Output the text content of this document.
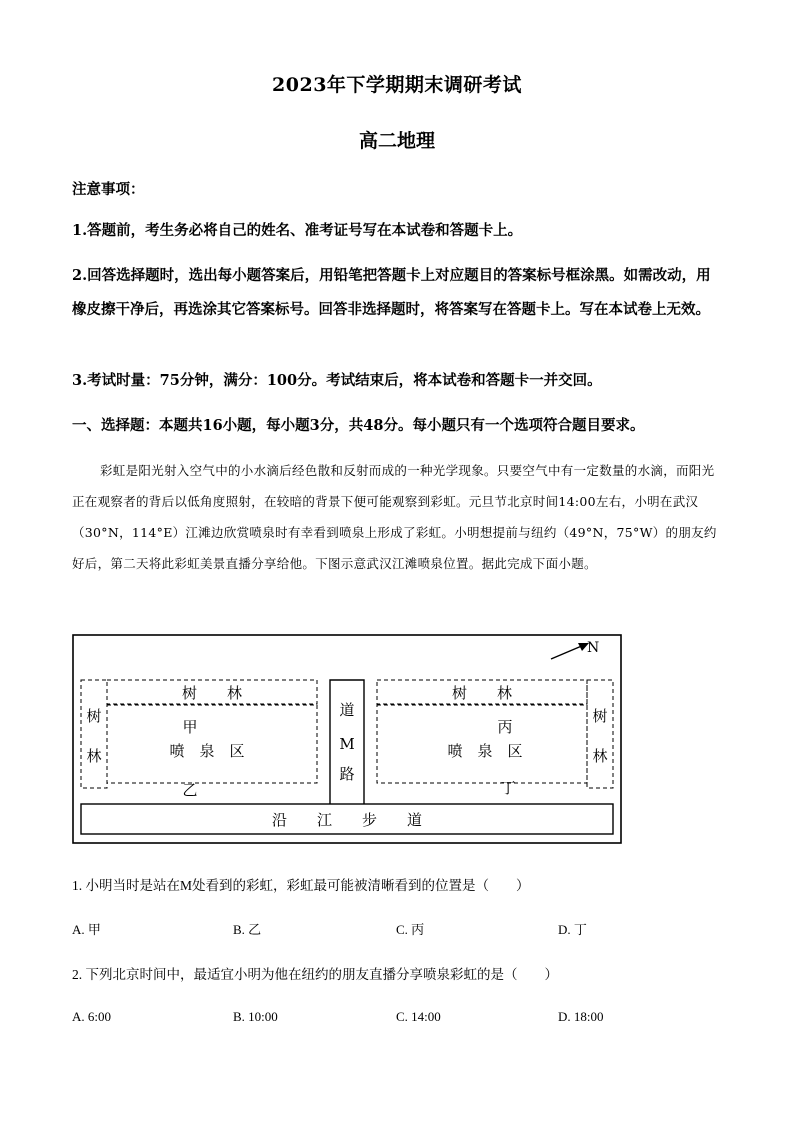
2023年下学期期末调研考试
高二地理
注意事项：
1.答题前，考生务必将自己的姓名、准考证号写在本试卷和答题卡上。
2.回答选择题时，选出每小题答案后，用铅笔把答题卡上对应题目的答案标号框涂黑。如需改动，用橡皮擦干净后，再选涂其它答案标号。回答非选择题时，将答案写在答题卡上。写在本试卷上无效。
3.考试时量：75分钟，满分：100分。考试结束后，将本试卷和答题卡一并交回。
一、选择题：本题共16小题，每小题3分，共48分。每小题只有一个选项符合题目要求。
彩虹是阳光射入空气中的小水滴后经色散和反射而成的一种光学现象。只要空气中有一定数量的水滴，而阳光正在观察者的背后以低角度照射，在较暗的背景下便可能观察到彩虹。元旦节北京时间14:00左右，小明在武汉（30°N，114°E）江滩边欣赏喷泉时有幸看到喷泉上形成了彩虹。小明想提前与纽约（49°N，75°W）的朋友约好后，第二天将此彩虹美景直播分享给他。下图示意武汉江滩喷泉位置。据此完成下面小题。
N
沿　　江　　步　　道
道
M
路
树　　林
树
林
甲
喷　泉　区
乙
树　　林
树
林
丙
喷　泉　区
丁
1. 小明当时是站在M处看到的彩虹，彩虹最可能被清晰看到的位置是（　　）
A. 甲	B. 乙	C. 丙	D. 丁
2. 下列北京时间中，最适宜小明为他在纽约的朋友直播分享喷泉彩虹的是（　　）
A. 6:00	B. 10:00	C. 14:00	D. 18:00
